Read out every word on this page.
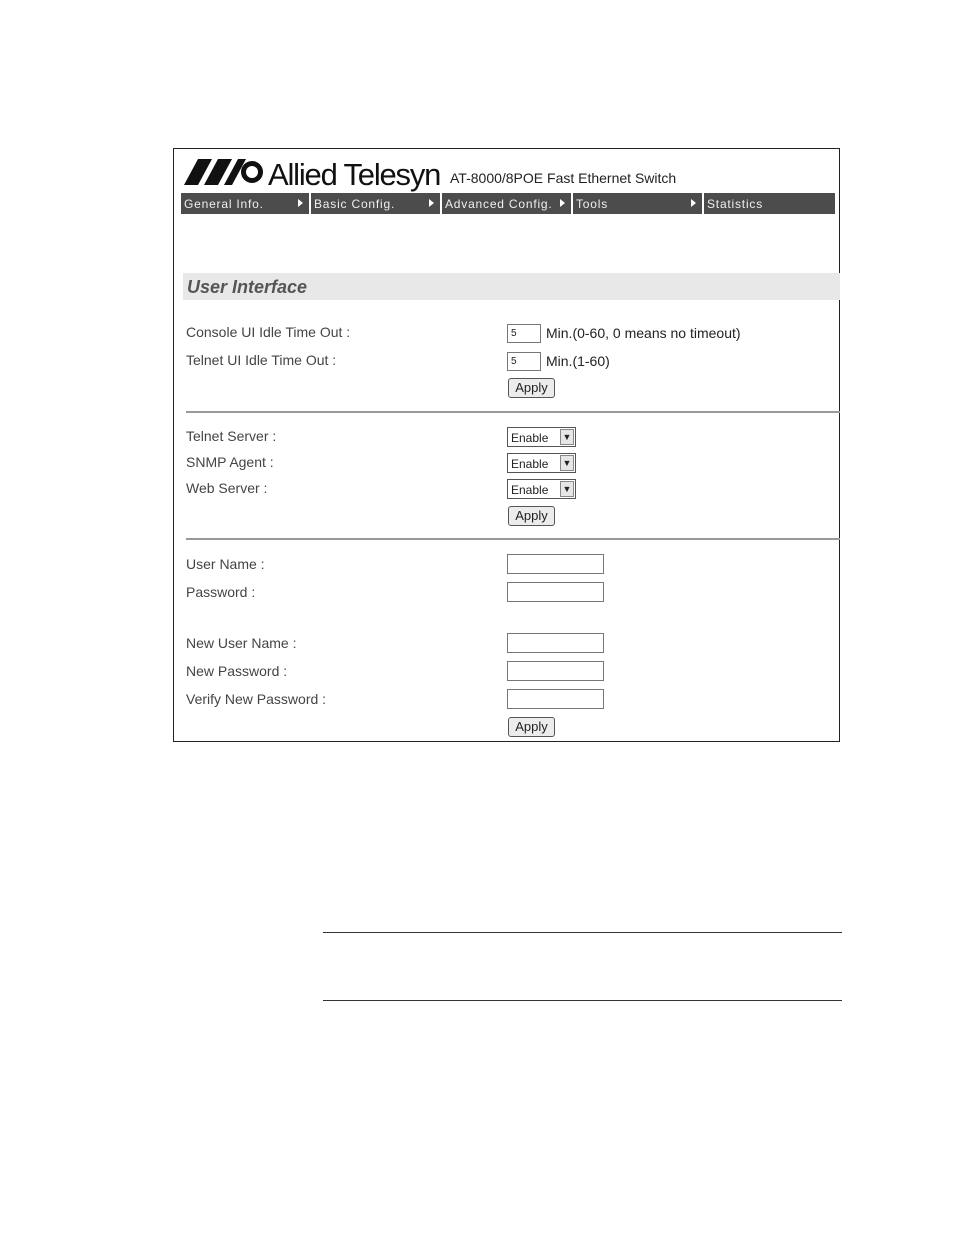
Allied Telesyn AT-8000/8POE Fast Ethernet Switch
General Info.	Basic Config.	Advanced Config.	Tools	Statistics
User Interface
Console UI Idle Time Out :
5	Min.(0-60, 0 means no timeout)
Telnet UI Idle Time Out :
5	Min.(1-60)
Apply
Telnet Server :	Enable ▼
SNMP Agent :	Enable ▼
Web Server :	Enable ▼
Apply
User Name :
Password :
New User Name :
New Password :
Verify New Password :
Apply
